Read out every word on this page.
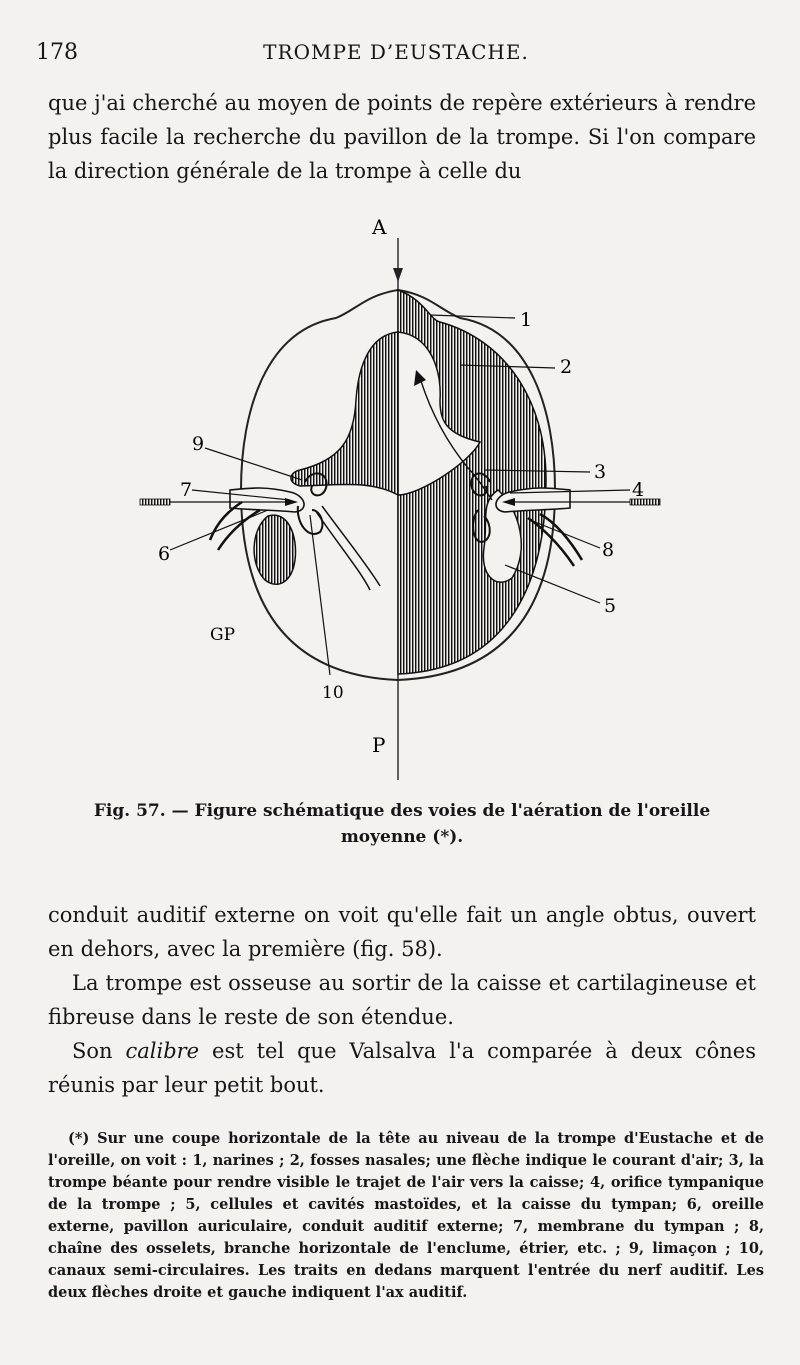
178	TROMPE D’EUSTACHE.

que j'ai cherché au moyen de points de repère extérieurs à rendre plus facile la recherche du pavillon de la trompe. Si l'on compare la direction générale de la trompe à celle du

A
P
GP
1
2
3
4
5
6
7
8
9
10
Fig. 57. — Figure schématique des voies de l'aération de l'oreille
moyenne (*).

conduit auditif externe on voit qu'elle fait un angle obtus, ouvert en dehors, avec la première (fig. 58).

La trompe est osseuse au sortir de la caisse et cartilagineuse et fibreuse dans le reste de son étendue.

Son calibre est tel que Valsalva l'a comparée à deux cônes réunis par leur petit bout.

(*) Sur une coupe horizontale de la tête au niveau de la trompe d'Eustache et de l'oreille, on voit : 1, narines ; 2, fosses nasales; une flèche indique le courant d'air; 3, la trompe béante pour rendre visible le trajet de l'air vers la caisse; 4, orifice tympanique de la trompe ; 5, cellules et cavités mastoïdes, et la caisse du tympan; 6, oreille externe, pavillon auriculaire, conduit auditif externe; 7, membrane du tympan ; 8, chaîne des osselets, branche horizontale de l'enclume, étrier, etc. ; 9, limaçon ; 10, canaux semi-circulaires. Les traits en dedans marquent l'entrée du nerf auditif. Les deux flèches droite et gauche indiquent l'ax auditif.
